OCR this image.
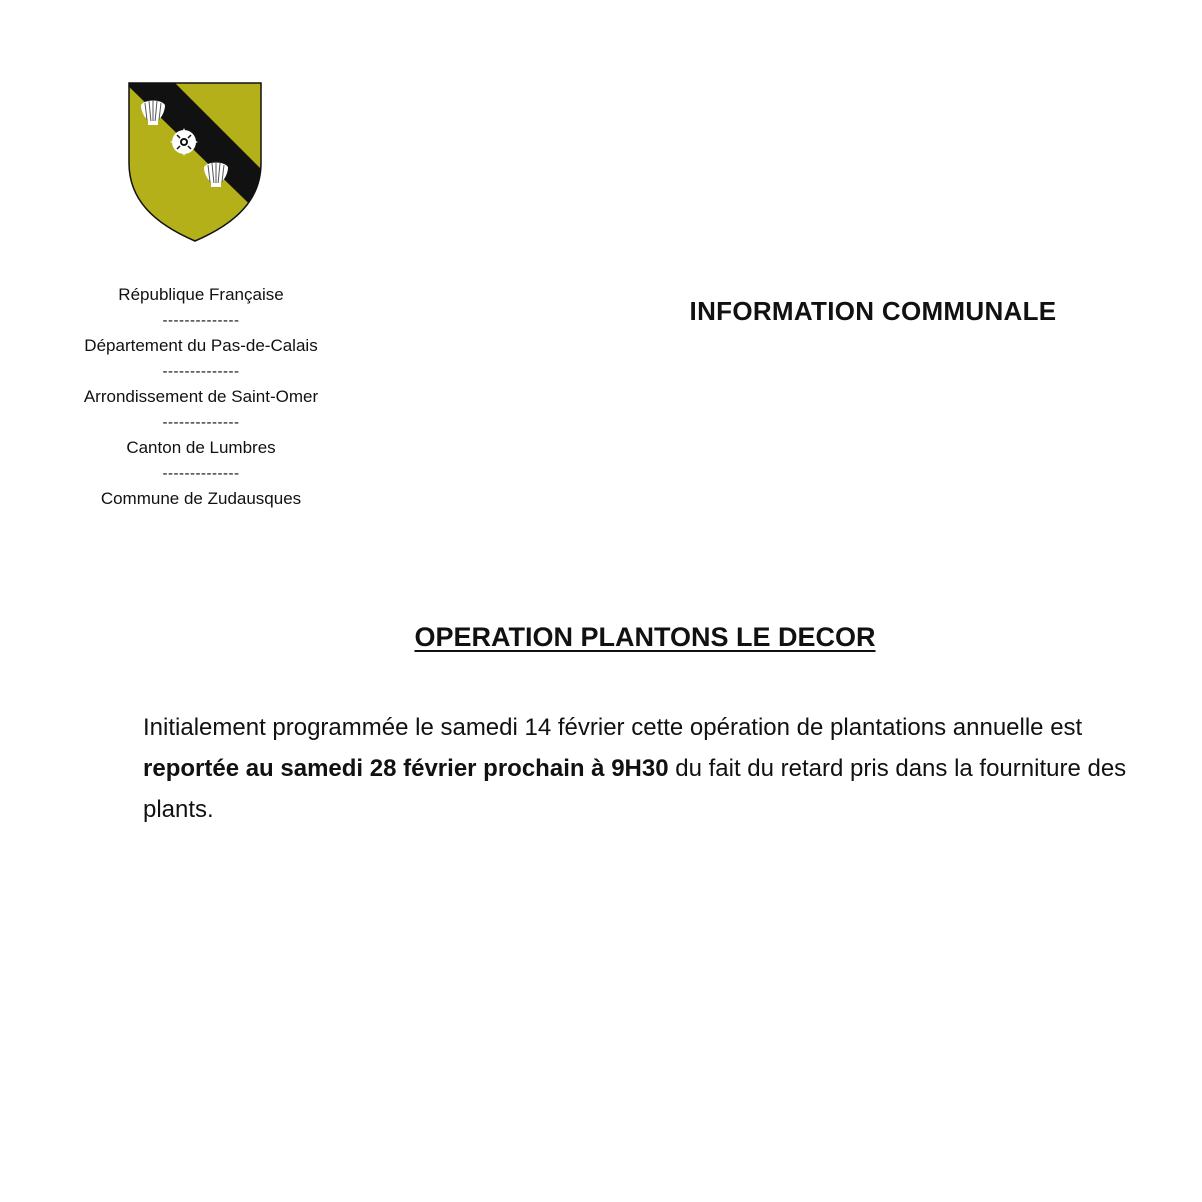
République Française
--------------
Département du Pas-de-Calais
--------------
Arrondissement de Saint-Omer
--------------
Canton de Lumbres
--------------
Commune de Zudausques
INFORMATION COMMUNALE
OPERATION PLANTONS LE DECOR

Initialement programmée le samedi 14 février cette opération de plantations annuelle est reportée au samedi 28 février prochain à 9H30 du fait du retard pris dans la fourniture des plants.
